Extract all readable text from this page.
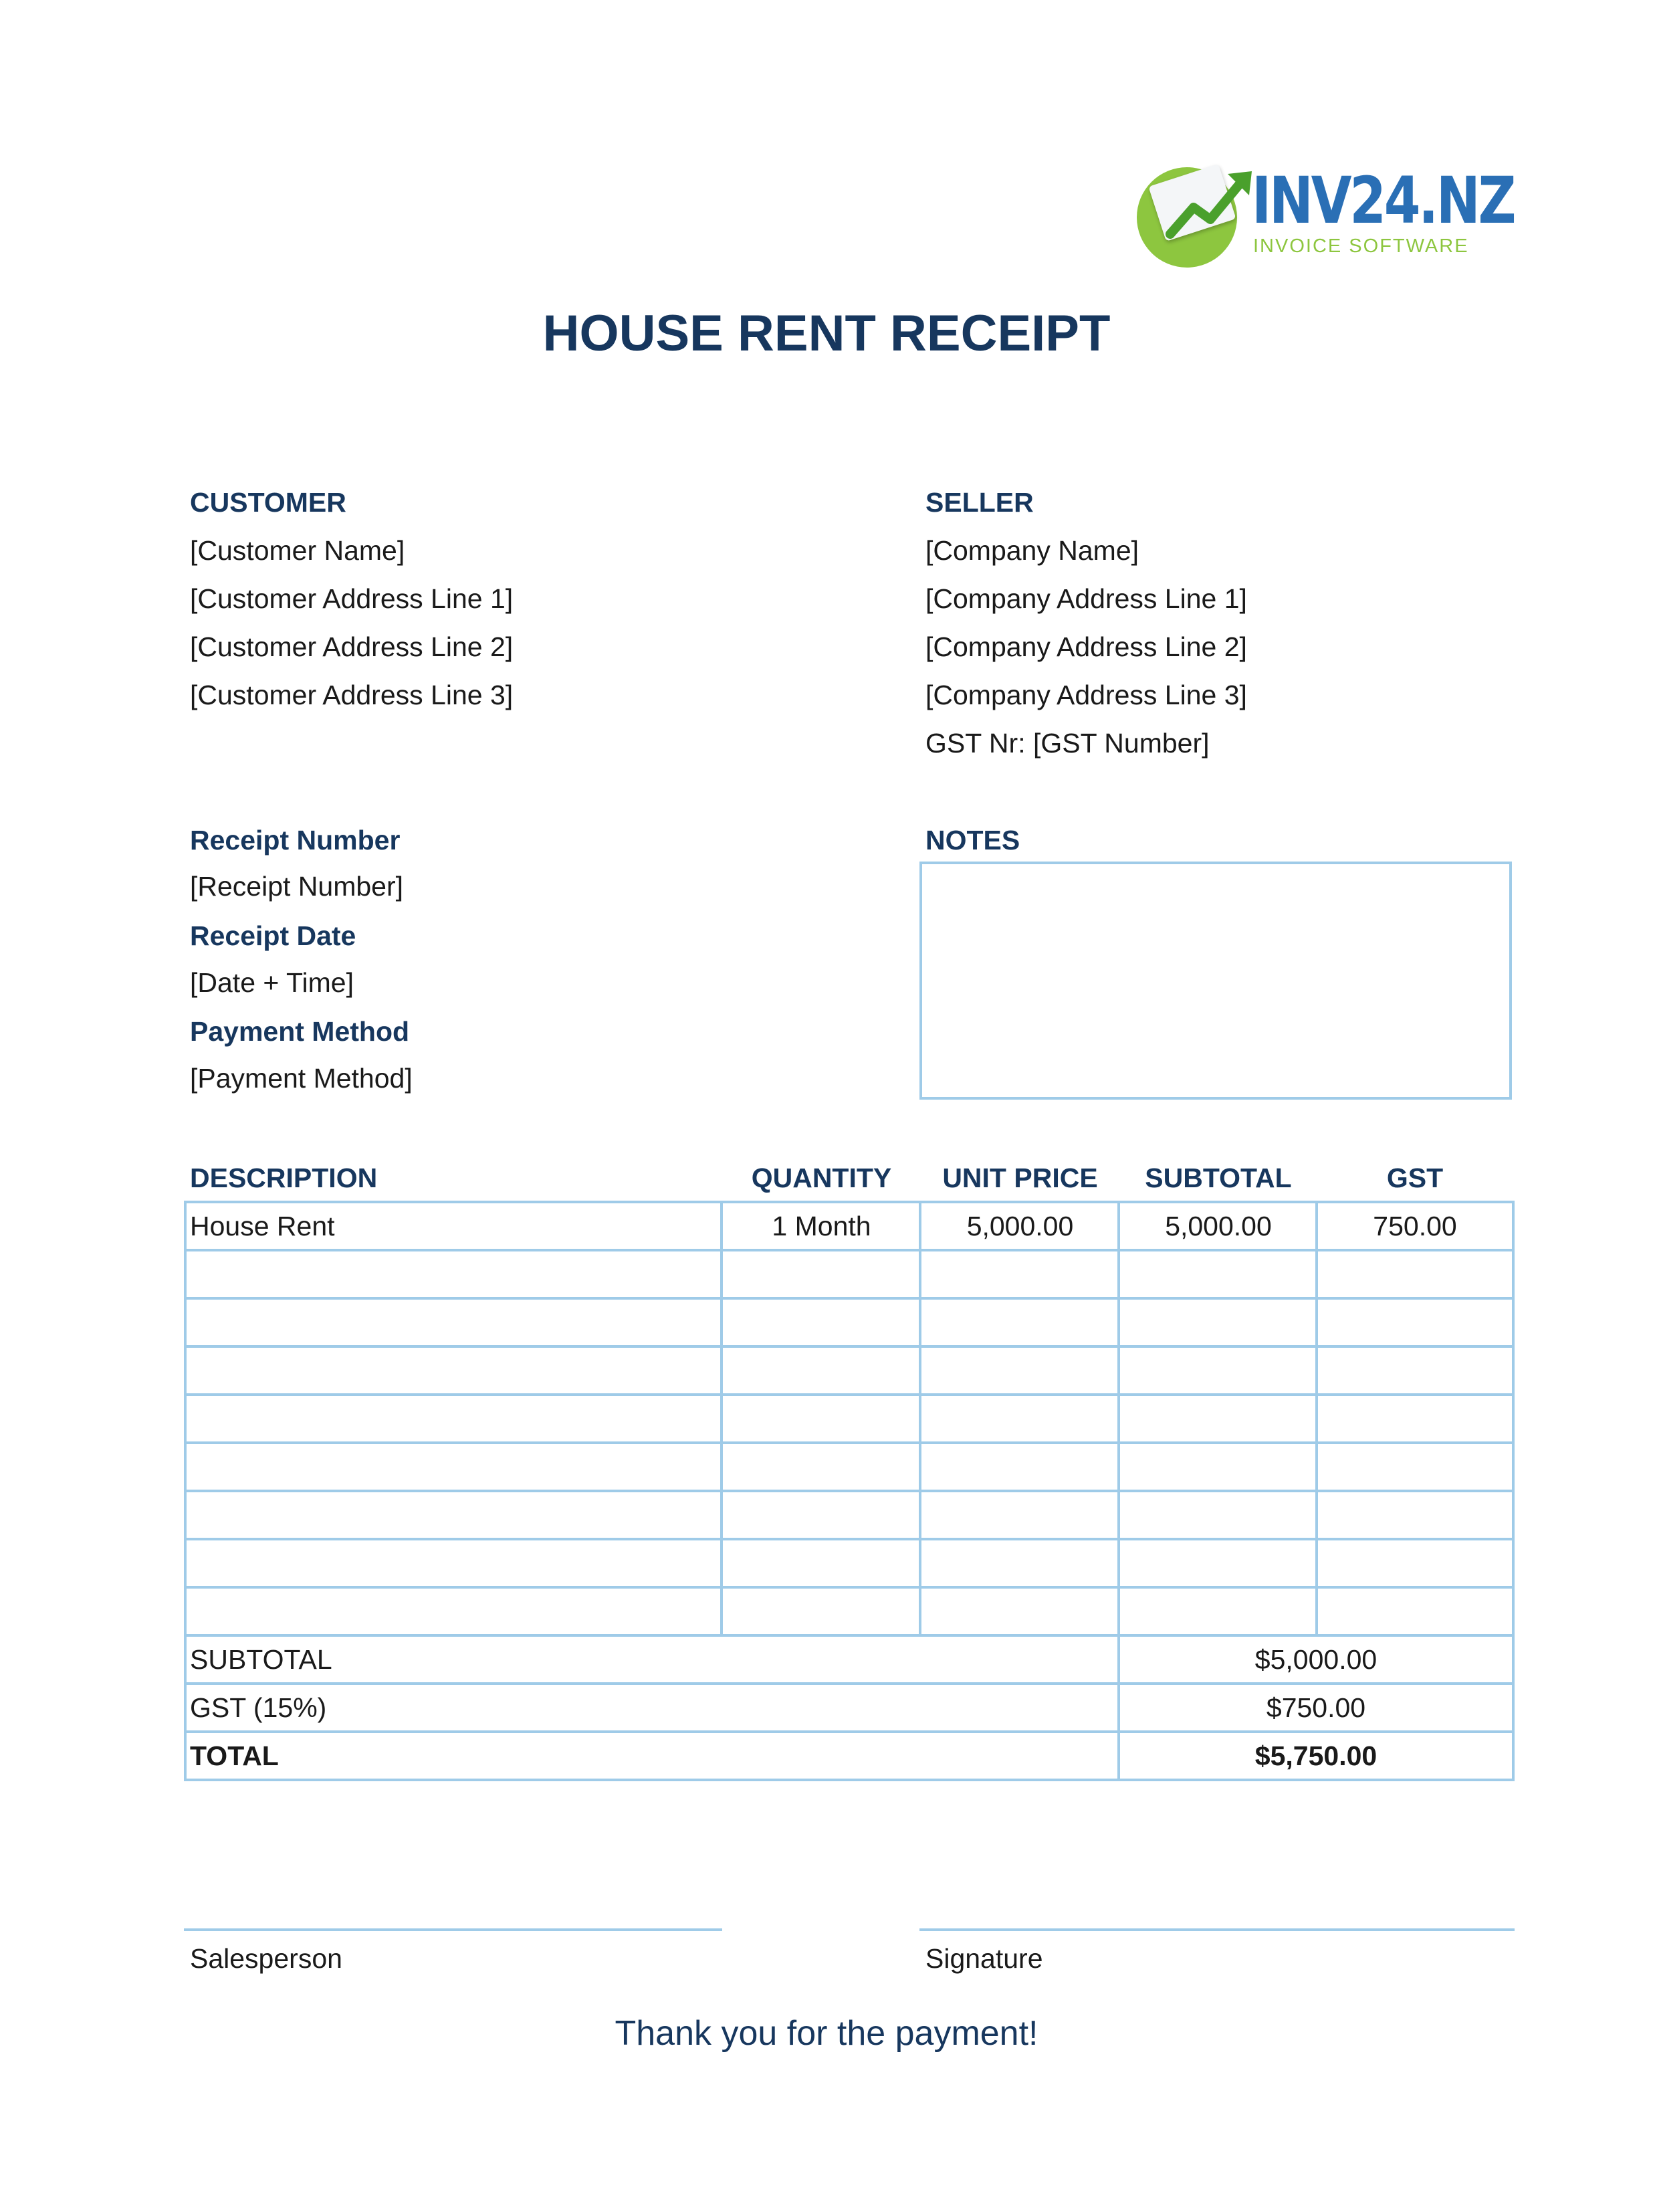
INV24.NZ
INVOICE SOFTWARE
HOUSE RENT RECEIPT
CUSTOMER
[Customer Name]
[Customer Address Line 1]
[Customer Address Line 2]
[Customer Address Line 3]
SELLER
[Company Name]
[Company Address Line 1]
[Company Address Line 2]
[Company Address Line 3]
GST Nr: [GST Number]
Receipt Number
[Receipt Number]
Receipt Date
[Date + Time]
Payment Method
[Payment Method]
NOTES
DESCRIPTION	QUANTITY	UNIT PRICE	SUBTOTAL	GST
House Rent	1 Month	5,000.00	5,000.00	750.00
SUBTOTAL	$5,000.00
GST (15%)	$750.00
TOTAL	$5,750.00
Salesperson	Signature
Thank you for the payment!
